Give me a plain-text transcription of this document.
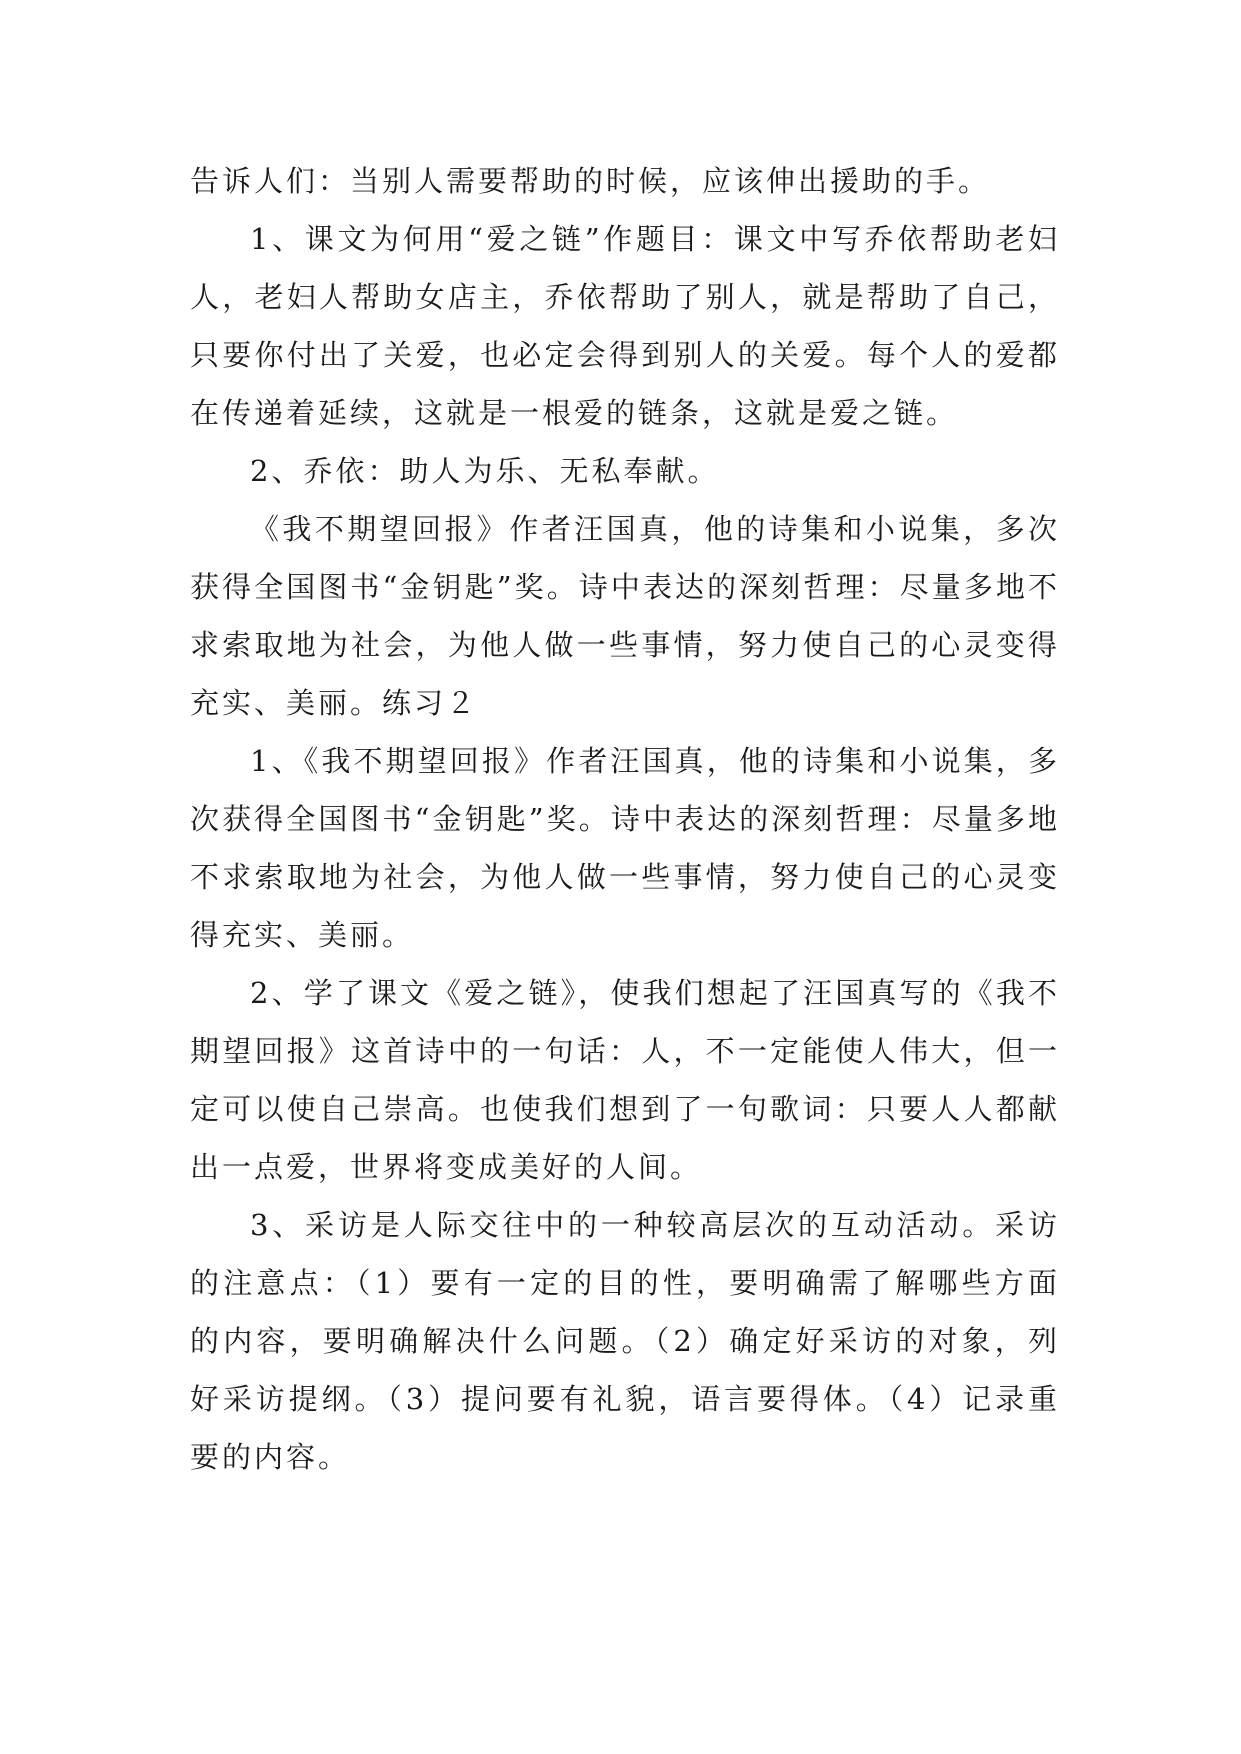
告诉人们：当别人需要帮助的时候，应该伸出援助的手。

1、课文为何用“爱之链”作题目：课文中写乔依帮助老妇人，老妇人帮助女店主，乔依帮助了别人，就是帮助了自己，只要你付出了关爱，也必定会得到别人的关爱。每个人的爱都在传递着延续，这就是一根爱的链条，这就是爱之链。

2、乔依：助人为乐、无私奉献。

《我不期望回报》作者汪国真，他的诗集和小说集，多次获得全国图书“金钥匙”奖。诗中表达的深刻哲理：尽量多地不求索取地为社会，为他人做一些事情，努力使自己的心灵变得充实、美丽。练习２

1、《我不期望回报》作者汪国真，他的诗集和小说集，多次获得全国图书“金钥匙”奖。诗中表达的深刻哲理：尽量多地不求索取地为社会，为他人做一些事情，努力使自己的心灵变得充实、美丽。

2、学了课文《爱之链》，使我们想起了汪国真写的《我不期望回报》这首诗中的一句话：人，不一定能使人伟大，但一定可以使自己崇高。也使我们想到了一句歌词：只要人人都献出一点爱，世界将变成美好的人间。

3、采访是人际交往中的一种较高层次的互动活动。采访的注意点：（1）要有一定的目的性，要明确需了解哪些方面的内容，要明确解决什么问题。（2）确定好采访的对象，列好采访提纲。（3）提问要有礼貌，语言要得体。（4）记录重要的内容。
